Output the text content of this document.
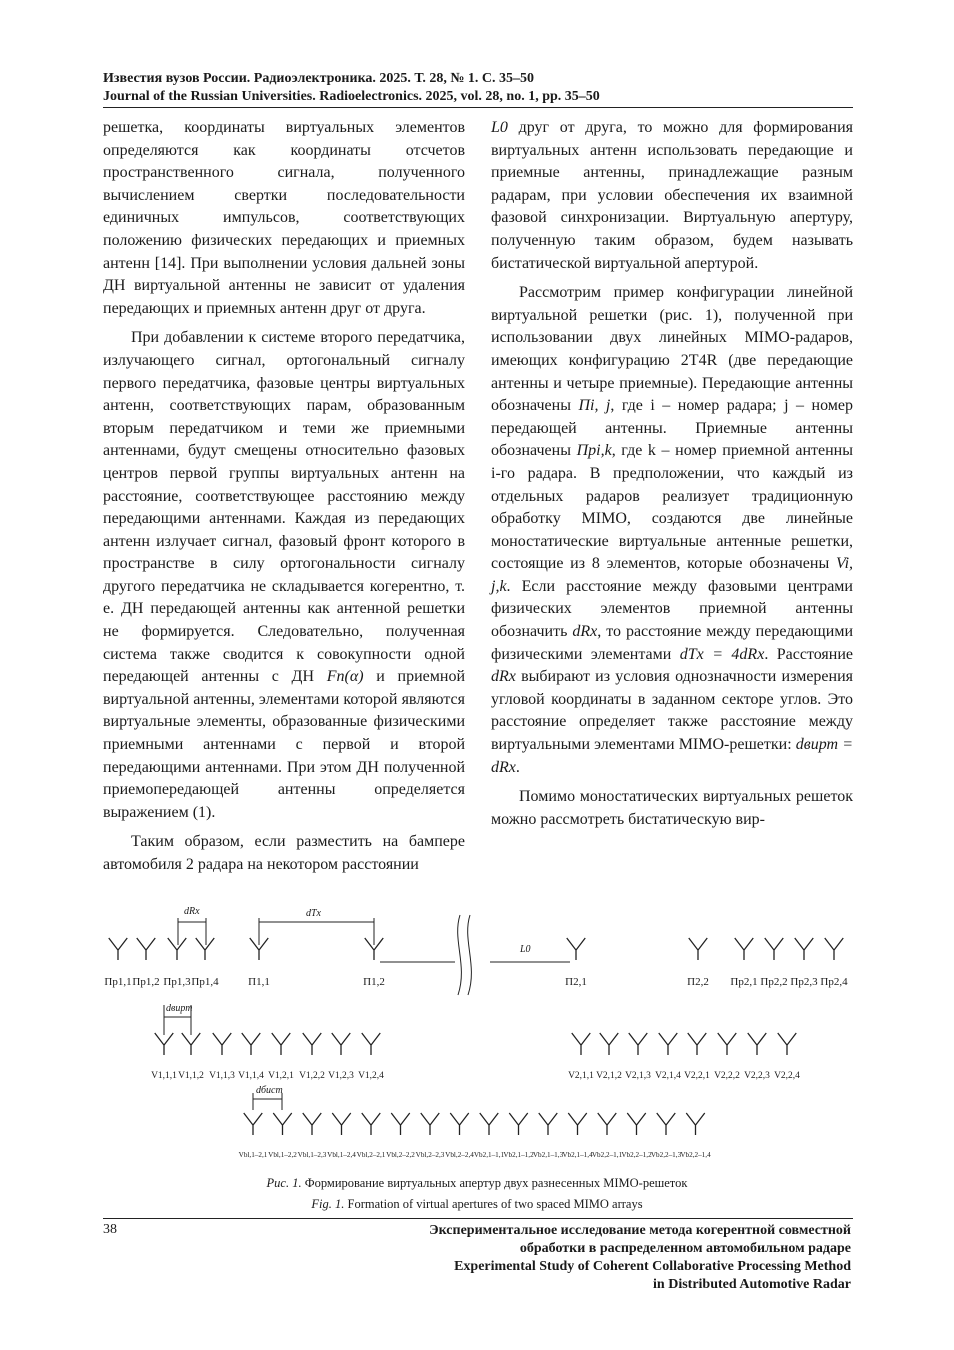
Известия вузов России. Радиоэлектроника. 2025. Т. 28, № 1. С. 35–50
Journal of the Russian Universities. Radioelectronics. 2025, vol. 28, no. 1, pp. 35–50

решетка, координаты виртуальных элементов определяются как координаты отсчетов пространственного сигнала, полученного вычислением свертки последовательности единичных импульсов, соответствующих положению физических передающих и приемных антенн [14]. При выполнении условия дальней зоны ДН виртуальной антенны не зависит от удаления передающих и приемных антенн друг от друга.

При добавлении к системе второго передатчика, излучающего сигнал, ортогональный сигналу первого передатчика, фазовые центры виртуальных антенн, соответствующих парам, образованным вторым передатчиком и теми же приемными антеннами, будут смещены относительно фазовых центров первой группы виртуальных антенн на расстояние, соответствующее расстоянию между передающими антеннами. Каждая из передающих антенн излучает сигнал, фазовый фронт которого в пространстве в силу ортогональности сигналу другого передатчика не складывается когерентно, т. е. ДН передающей антенны как антенной решетки не формируется. Следовательно, полученная система также сводится к совокупности одной передающей антенны с ДН Fп(α) и приемной виртуальной антенны, элементами которой являются виртуальные элементы, образованные физическими приемными антеннами с первой и второй передающими антеннами. При этом ДН полученной приемопередающей антенны определяется выражением (1).

Таким образом, если разместить на бампере автомобиля 2 радара на некотором расстоянии

L0 друг от друга, то можно для формирования виртуальных антенн использовать передающие и приемные антенны, принадлежащие разным радарам, при условии обеспечения их взаимной фазовой синхронизации. Виртуальную апертуру, полученную таким образом, будем называть бистатической виртуальной апертурой.

Рассмотрим пример конфигурации линейной виртуальной решетки (рис. 1), полученной при использовании двух линейных MIMO-радаров, имеющих конфигурацию 2T4R (две передающие антенны и четыре приемные). Передающие антенны обозначены Пi, j, где i – номер радара; j – номер передающей антенны. Приемные антенны обозначены Прi,k, где k – номер приемной антенны i-го радара. В предположении, что каждый из отдельных радаров реализует традиционную обработку MIMO, создаются две линейные моностатические виртуальные антенные решетки, состоящие из 8 элементов, которые обозначены Vi, j,k. Если расстояние между фазовыми центрами физических элементов приемной антенны обозначить dRx, то расстояние между передающими физическими элементами dTx = 4dRx. Расстояние dRx выбирают из условия однозначности измерения угловой координаты в заданном секторе углов. Это расстояние определяет также расстояние между виртуальными элементами MIMO-решетки: dвирт = dRx.

Помимо моностатических виртуальных решеток можно рассмотреть бистатическую вир-

dRx	dTx
L0
dвирт
dбист
Пр1,1 Пр1,2 Пр1,3 Пр1,4	П1,1	П1,2	П2,1	П2,2 Пр2,1 Пр2,2 Пр2,3 Пр2,4
V1,1,1 V1,1,2 V1,1,3 V1,1,4 V1,2,1 V1,2,2 V1,2,3 V1,2,4	V2,1,1 V2,1,2 V2,1,3 V2,1,4 V2,2,1 V2,2,2 V2,2,3 V2,2,4
Vbl,1–2,1 Vbl,1–2,2 Vbl,1–2,3 Vbl,1–2,4 Vbl,2–2,1 Vbl,2–2,2 Vbl,2–2,3 Vbl,2–2,4 Vb2,1–1,1 Vb2,1–1,2 Vb2,1–1,3 Vb2,1–1,4 Vb2,2–1,1 Vb2,2–1,2 Vb2,2–1,3 Vb2,2–1,4
Рис. 1. Формирование виртуальных апертур двух разнесенных MIMO-решеток
Fig. 1. Formation of virtual apertures of two spaced MIMO arrays
38	Экспериментальное исследование метода когерентной совместной
обработки в распределенном автомобильном радаре
Experimental Study of Coherent Collaborative Processing Method
in Distributed Automotive Radar
